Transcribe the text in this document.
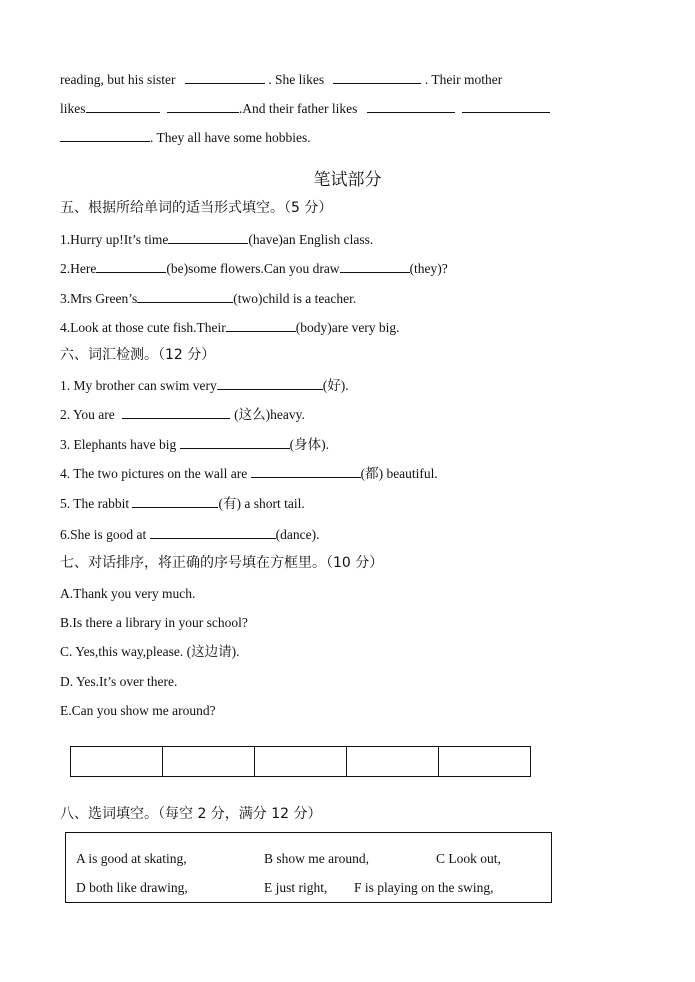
reading, but his sister	. She likes	. Their mother
likes	.And their father likes
. They all have some hobbies.
笔试部分
五、根据所给单词的适当形式填空。（5 分）
1.Hurry up!It’s time	(have)an English class.
2.Here	(be)some flowers.Can you draw	(they)?
3.Mrs Green’s	(two)child is a teacher.
4.Look at those cute fish.Their	(body)are very big.
六、词汇检测。（12 分）
1. My brother can swim very	(好).
2. You are	(这么)heavy.
3. Elephants have big	(身体).
4. The two pictures on the wall are	(都) beautiful.
5. The rabbit	(有) a short tail.
6.She is good at	(dance).
七、对话排序，将正确的序号填在方框里。（10 分）
A.Thank you very much.
B.Is there a library in your school?
C. Yes,this way,please. (这边请).
D. Yes.It’s over there.
E.Can you show me around?

八、选词填空。（每空 2 分，满分 12 分）
A is good at skating,	B show me around,	C Look out,
D both like drawing,	E just right, F is playing on the swing,
